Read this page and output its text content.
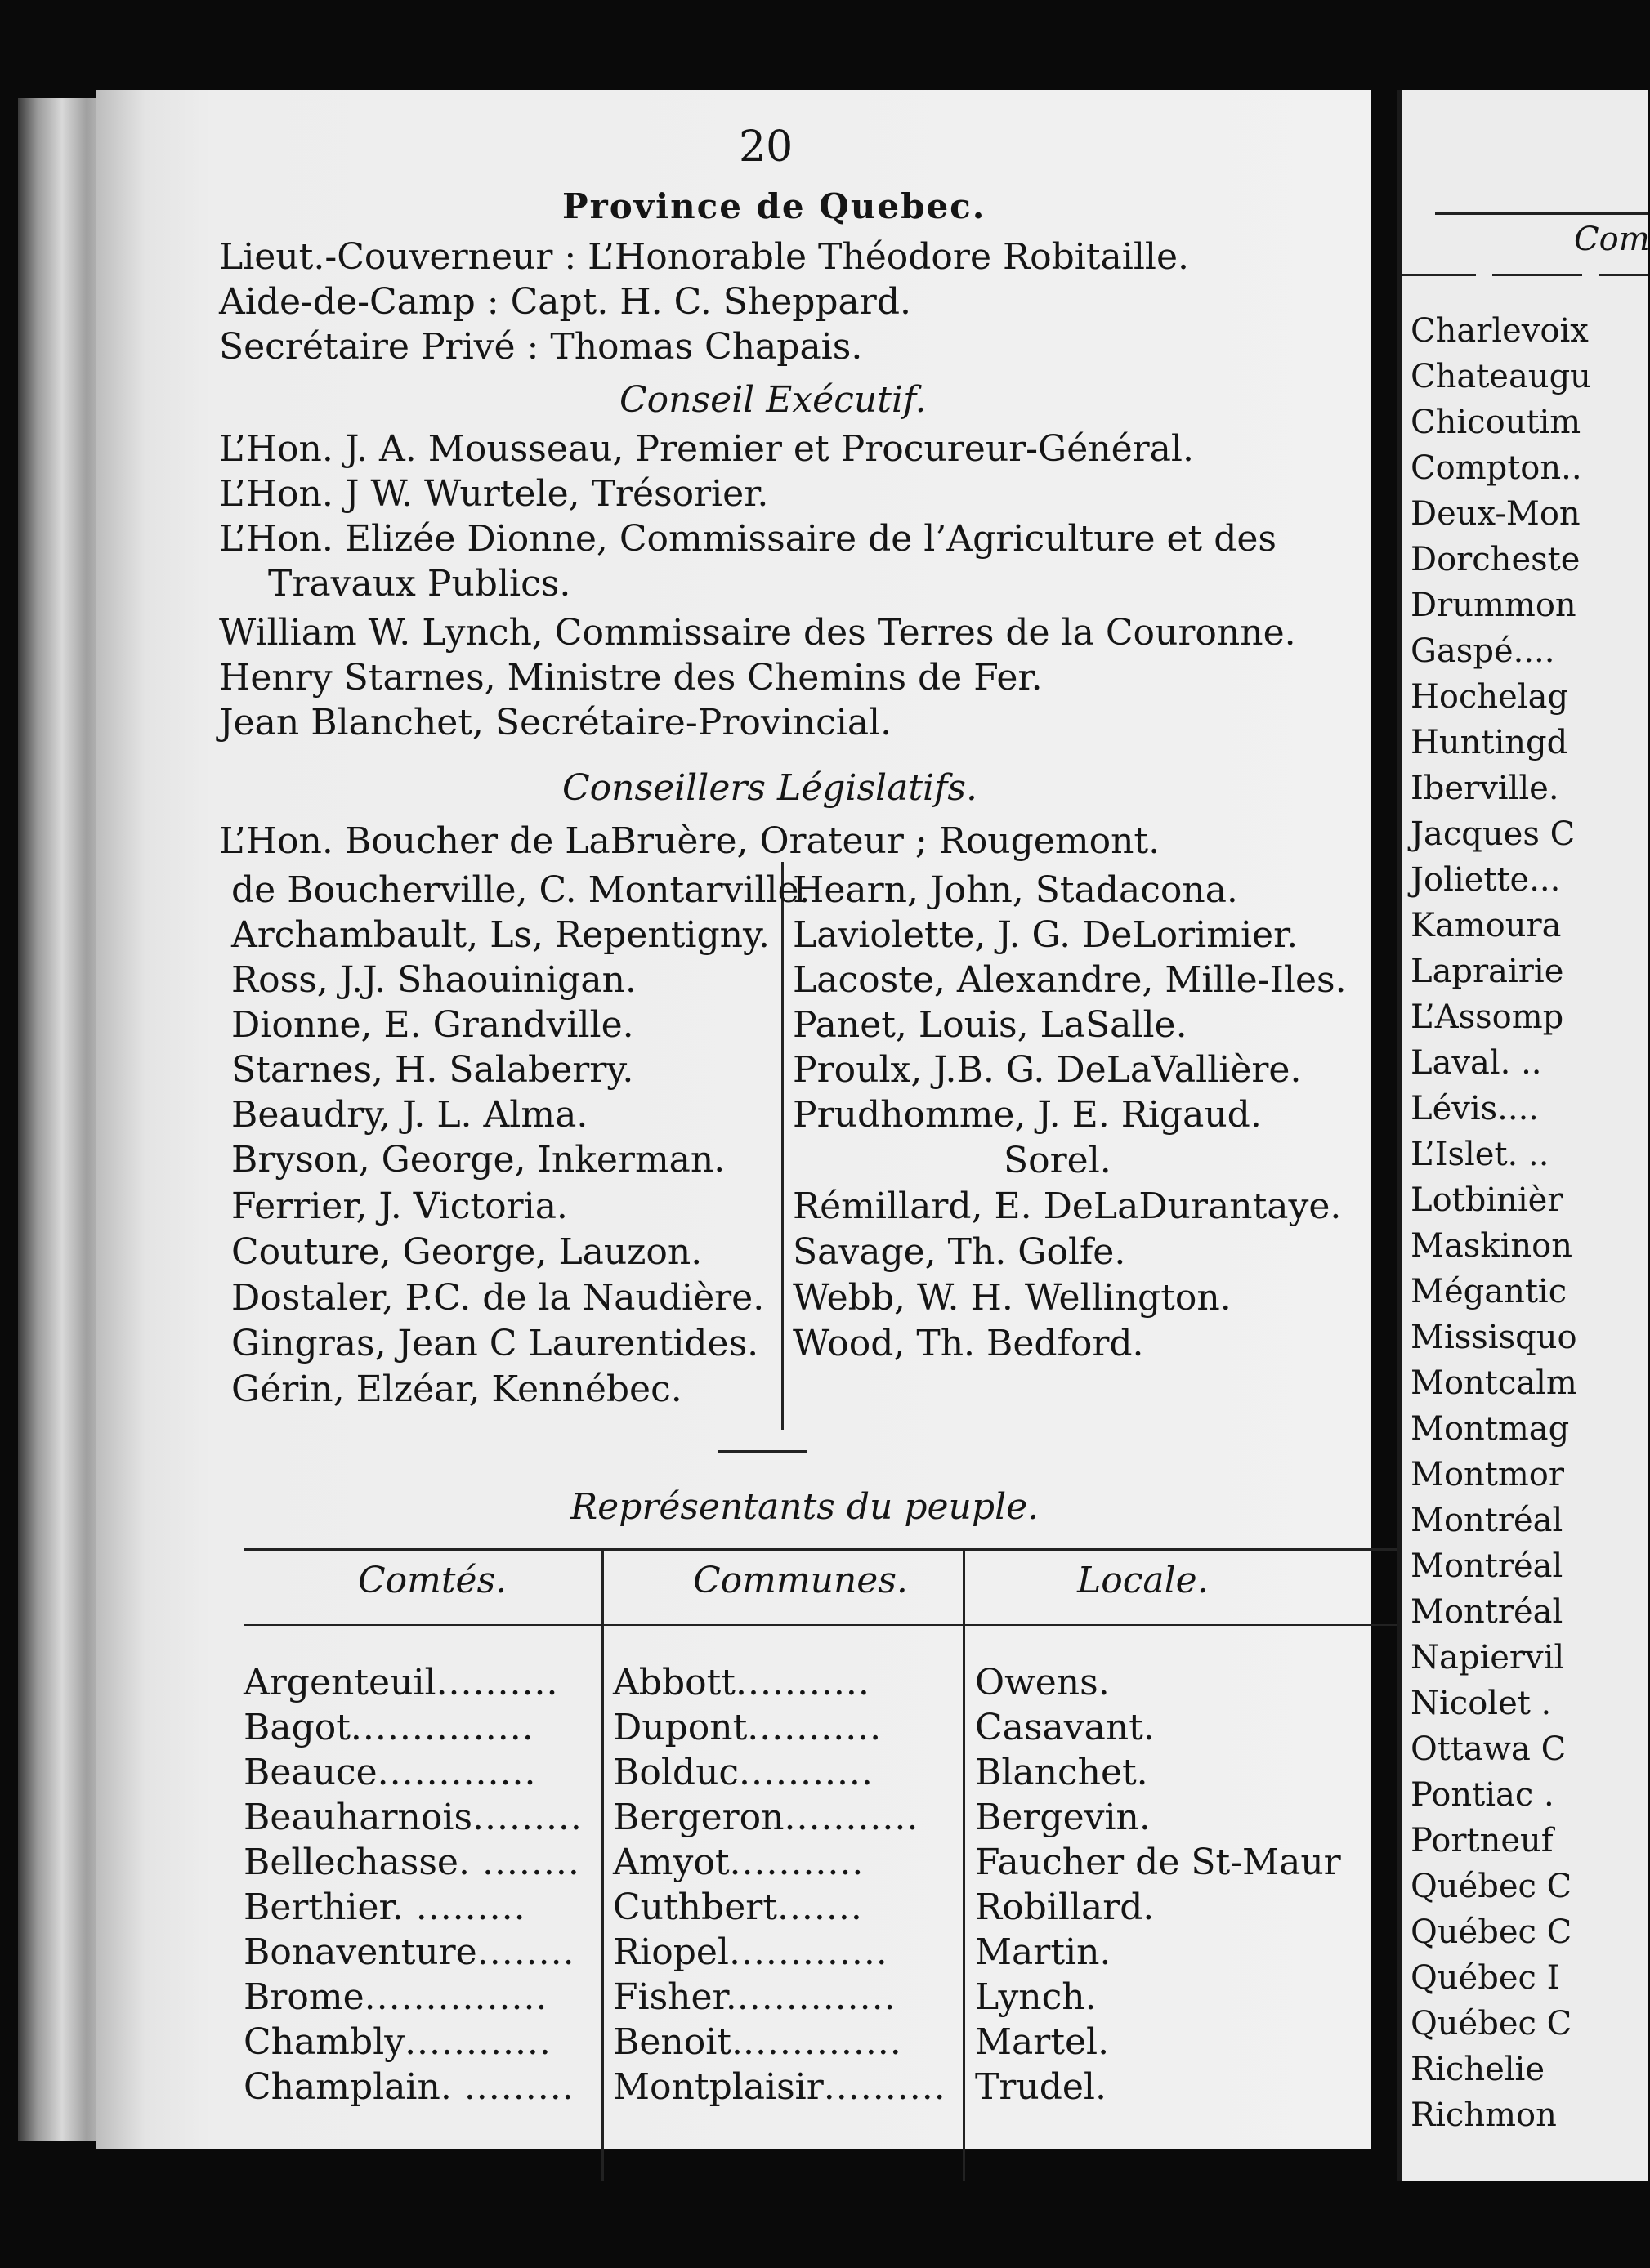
20
Province de Quebec.
Lieut.-Couverneur : L’Honorable Théodore Robitaille.
Aide-de-Camp : Capt. H. C. Sheppard.
Secrétaire Privé : Thomas Chapais.
Conseil Exécutif.
L’Hon. J. A. Mousseau, Premier et Procureur-Général.
L’Hon. J W. Wurtele, Trésorier.
L’Hon. Elizée Dionne, Commissaire de l’Agriculture et des
Travaux Publics.
William W. Lynch, Commissaire des Terres de la Couronne.
Henry Starnes, Ministre des Chemins de Fer.
Jean Blanchet, Secrétaire-Provincial.
Conseillers Législatifs.
L’Hon. Boucher de LaBruère, Orateur ; Rougemont.
de Boucherville, C. Montarville.
Archambault, Ls, Repentigny.
Ross, J.J. Shaouinigan.
Dionne, E. Grandville.
Starnes, H. Salaberry.
Beaudry, J. L. Alma.
Bryson, George, Inkerman.
Ferrier, J. Victoria.
Couture, George, Lauzon.
Dostaler, P.C. de la Naudière.
Gingras, Jean C Laurentides.
Gérin, Elzéar, Kennébec.
Hearn, John, Stadacona.
Laviolette, J. G. DeLorimier.
Lacoste, Alexandre, Mille-Iles.
Panet, Louis, LaSalle.
Proulx, J.B. G. DeLaVallière.
Prudhomme, J. E. Rigaud.
Sorel.
Rémillard, E. DeLaDurantaye.
Savage, Th. Golfe.
Webb, W. H. Wellington.
Wood, Th. Bedford.
Représentants du peuple.
Comtés.	Communes.	Locale.
Argenteuil.......... Abbott...........	Owens.
Bagot............... Dupont...........	Casavant.
Beauce............. Bolduc...........	Blanchet.
Beauharnois......... Bergeron........... Bergevin.
Bellechasse. ........ Amyot...........	Faucher de St-Maur
Berthier. ......... Cuthbert.......	Robillard.
Bonaventure........ Riopel............. Martin.
Brome............... Fisher.............. Lynch.
Chambly............ Benoit.............. Martel.
Champlain. ......... Montplaisir.......... Trudel.
Com
Charlevoix
Chateaugu
Chicoutim
Compton..
Deux-Mon
Dorcheste
Drummon
Gaspé....
Hochelag
Huntingd
Iberville.
Jacques C
Joliette...
Kamoura
Laprairie
L’Assomp
Laval. ..
Lévis....
L’Islet. ..
Lotbinièr
Maskinon
Mégantic
Missisquo
Montcalm
Montmag
Montmor
Montréal
Montréal
Montréal
Napiervil
Nicolet .
Ottawa C
Pontiac .
Portneuf
Québec C
Québec C
Québec I
Québec C
Richelie
Richmon
